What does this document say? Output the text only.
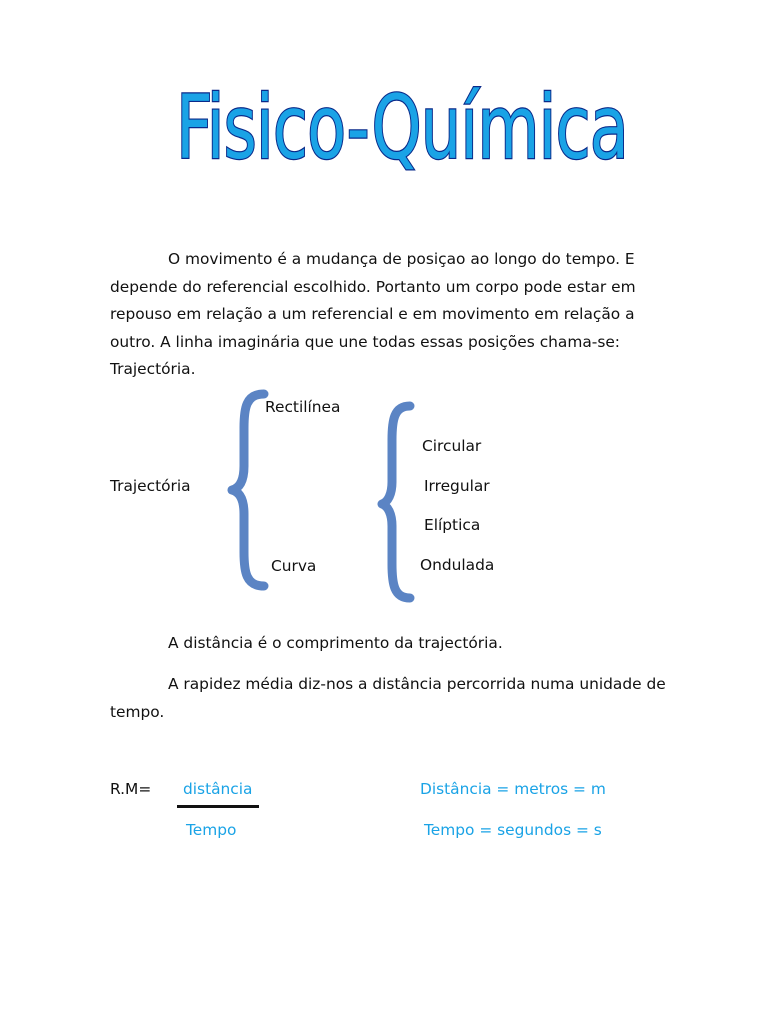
Fisico-Química
O movimento é a mudança de posiçao ao longo do tempo. E depende do referencial escolhido. Portanto um corpo pode estar em repouso em relação a um referencial e em movimento em relação a outro. A linha imaginária que une todas essas posições chama-se: Trajectória.
Trajectória
Rectilínea
Curva
Circular
Irregular
Elíptica
Ondulada
A distância é o comprimento da trajectória.
A rapidez média diz-nos a distância percorrida numa unidade de tempo.
R.M= distância
Tempo
Distância = metros = m
Tempo = segundos = s
